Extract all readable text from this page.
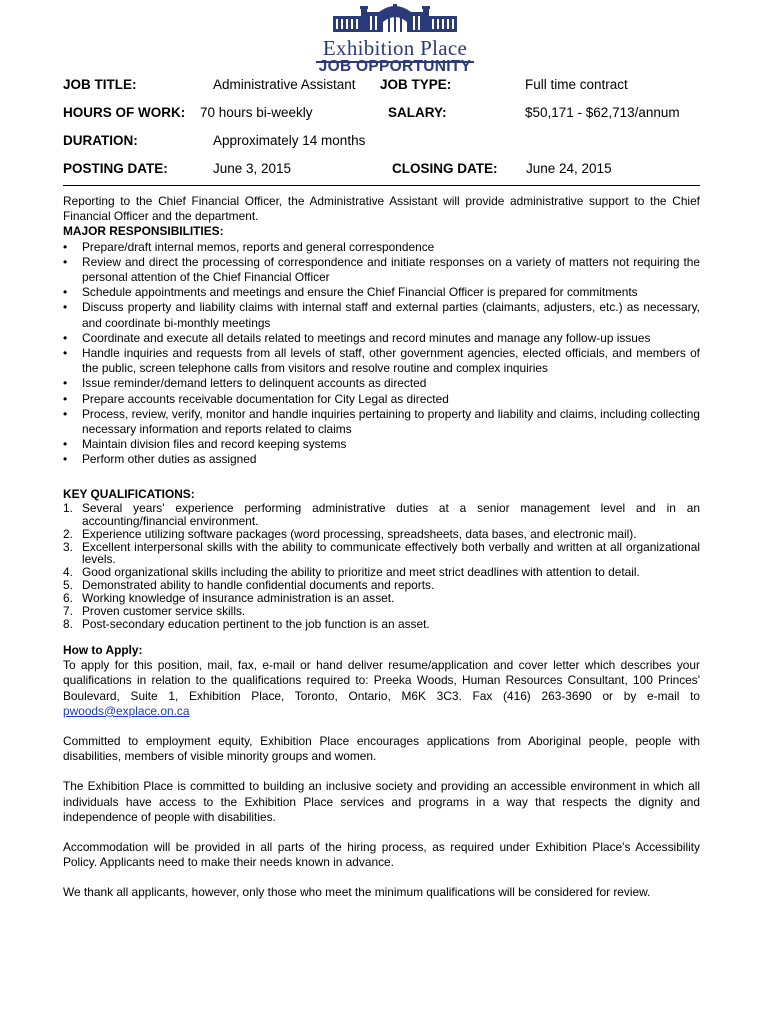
Exhibition Place
JOB OPPORTUNITY
JOB TITLE:	Administrative Assistant JOB TYPE:	Full time contract
HOURS OF WORK: 70 hours bi-weekly	SALARY:	$50,171 - $62,713/annum
DURATION:	Approximately 14 months
POSTING DATE:	June 3, 2015	CLOSING DATE: June 24, 2015

Reporting to the Chief Financial Officer, the Administrative Assistant will provide administrative support to the Chief Financial Officer and the department.

MAJOR RESPONSIBILITIES:
• Prepare/draft internal memos, reports and general correspondence
• Review and direct the processing of correspondence and initiate responses on a variety of matters not requiring the personal attention of the Chief Financial Officer
• Schedule appointments and meetings and ensure the Chief Financial Officer is prepared for commitments
• Discuss property and liability claims with internal staff and external parties (claimants, adjusters, etc.) as necessary, and coordinate bi-monthly meetings
• Coordinate and execute all details related to meetings and record minutes and manage any follow-up issues
• Handle inquiries and requests from all levels of staff, other government agencies, elected officials, and members of the public, screen telephone calls from visitors and resolve routine and complex inquiries
• Issue reminder/demand letters to delinquent accounts as directed
• Prepare accounts receivable documentation for City Legal as directed
• Process, review, verify, monitor and handle inquiries pertaining to property and liability and claims, including collecting necessary information and reports related to claims
• Maintain division files and record keeping systems
• Perform other duties as assigned
KEY QUALIFICATIONS:
1. Several years' experience performing administrative duties at a senior management level and in an accounting/financial environment.
2. Experience utilizing software packages (word processing, spreadsheets, data bases, and electronic mail).
3. Excellent interpersonal skills with the ability to communicate effectively both verbally and written at all organizational levels.
4. Good organizational skills including the ability to prioritize and meet strict deadlines with attention to detail.
5. Demonstrated ability to handle confidential documents and reports.
6. Working knowledge of insurance administration is an asset.
7. Proven customer service skills.
8. Post-secondary education pertinent to the job function is an asset.
How to Apply:

To apply for this position, mail, fax, e-mail or hand deliver resume/application and cover letter which describes your qualifications in relation to the qualifications required to: Preeka Woods, Human Resources Consultant, 100 Princes' Boulevard, Suite 1, Exhibition Place, Toronto, Ontario, M6K 3C3. Fax (416) 263-3690 or by e-mail to pwoods@explace.on.ca

Committed to employment equity, Exhibition Place encourages applications from Aboriginal people, people with disabilities, members of visible minority groups and women.

The Exhibition Place is committed to building an inclusive society and providing an accessible environment in which all individuals have access to the Exhibition Place services and programs in a way that respects the dignity and independence of people with disabilities.

Accommodation will be provided in all parts of the hiring process, as required under Exhibition Place's Accessibility Policy. Applicants need to make their needs known in advance.

We thank all applicants, however, only those who meet the minimum qualifications will be considered for review.
